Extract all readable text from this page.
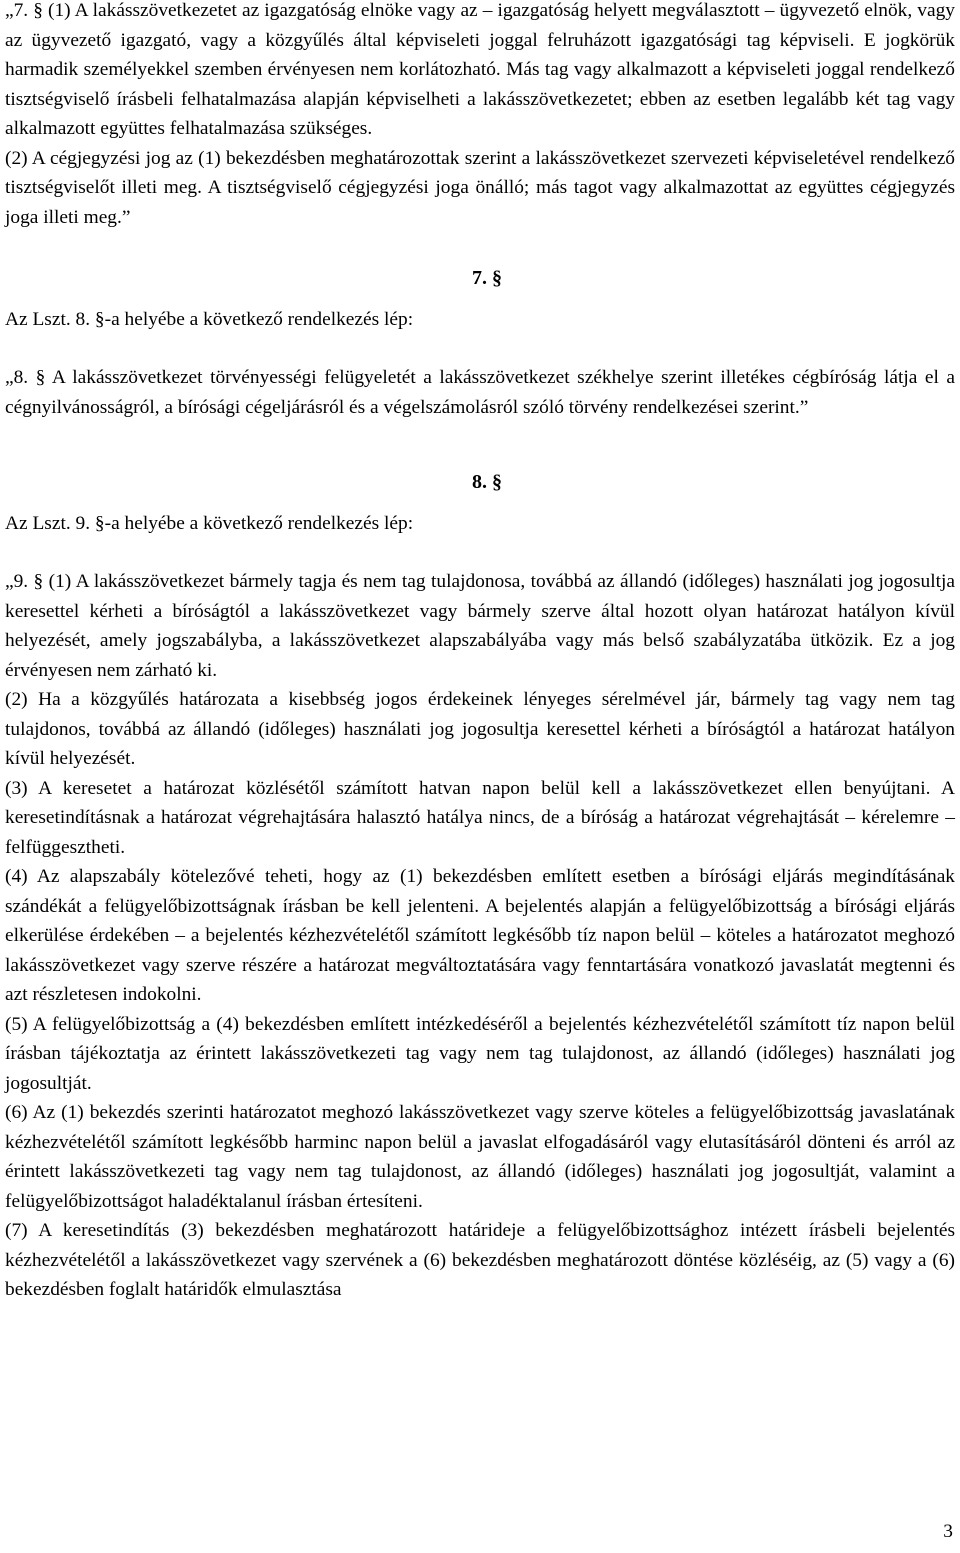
„7. § (1) A lakásszövetkezetet az igazgatóság elnöke vagy az – igazgatóság helyett megválasztott – ügyvezető elnök, vagy az ügyvezető igazgató, vagy a közgyűlés által képviseleti joggal felruházott igazgatósági tag képviseli. E jogkörük harmadik személyekkel szemben érvényesen nem korlátozható. Más tag vagy alkalmazott a képviseleti joggal rendelkező tisztségviselő írásbeli felhatalmazása alapján képviselheti a lakásszövetkezetet; ebben az esetben legalább két tag vagy alkalmazott együttes felhatalmazása szükséges.

(2) A cégjegyzési jog az (1) bekezdésben meghatározottak szerint a lakásszövetkezet szervezeti képviseletével rendelkező tisztségviselőt illeti meg. A tisztségviselő cégjegyzési joga önálló; más tagot vagy alkalmazottat az együttes cégjegyzés joga illeti meg.”

7. §
Az Lszt. 8. §-a helyébe a következő rendelkezés lép:

„8. § A lakásszövetkezet törvényességi felügyeletét a lakásszövetkezet székhelye szerint illetékes cégbíróság látja el a cégnyilvánosságról, a bírósági cégeljárásról és a végelszámolásról szóló törvény rendelkezései szerint.”

8. §
Az Lszt. 9. §-a helyébe a következő rendelkezés lép:

„9. § (1) A lakásszövetkezet bármely tagja és nem tag tulajdonosa, továbbá az állandó (időleges) használati jog jogosultja keresettel kérheti a bíróságtól a lakásszövetkezet vagy bármely szerve által hozott olyan határozat hatályon kívül helyezését, amely jogszabályba, a lakásszövetkezet alapszabályába vagy más belső szabályzatába ütközik. Ez a jog érvényesen nem zárható ki.

(2) Ha a közgyűlés határozata a kisebbség jogos érdekeinek lényeges sérelmével jár, bármely tag vagy nem tag tulajdonos, továbbá az állandó (időleges) használati jog jogosultja keresettel kérheti a bíróságtól a határozat hatályon kívül helyezését.

(3) A keresetet a határozat közlésétől számított hatvan napon belül kell a lakásszövetkezet ellen benyújtani. A keresetindításnak a határozat végrehajtására halasztó hatálya nincs, de a bíróság a határozat végrehajtását – kérelemre – felfüggesztheti.

(4) Az alapszabály kötelezővé teheti, hogy az (1) bekezdésben említett esetben a bírósági eljárás megindításának szándékát a felügyelőbizottságnak írásban be kell jelenteni. A bejelentés alapján a felügyelőbizottság a bírósági eljárás elkerülése érdekében – a bejelentés kézhezvételétől számított legkésőbb tíz napon belül – köteles a határozatot meghozó lakásszövetkezet vagy szerve részére a határozat megváltoztatására vagy fenntartására vonatkozó javaslatát megtenni és azt részletesen indokolni.

(5) A felügyelőbizottság a (4) bekezdésben említett intézkedéséről a bejelentés kézhezvételétől számított tíz napon belül írásban tájékoztatja az érintett lakásszövetkezeti tag vagy nem tag tulajdonost, az állandó (időleges) használati jog jogosultját.

(6) Az (1) bekezdés szerinti határozatot meghozó lakásszövetkezet vagy szerve köteles a felügyelőbizottság javaslatának kézhezvételétől számított legkésőbb harminc napon belül a javaslat elfogadásáról vagy elutasításáról dönteni és arról az érintett lakásszövetkezeti tag vagy nem tag tulajdonost, az állandó (időleges) használati jog jogosultját, valamint a felügyelőbizottságot haladéktalanul írásban értesíteni.

(7) A keresetindítás (3) bekezdésben meghatározott határideje a felügyelőbizottsághoz intézett írásbeli bejelentés kézhezvételétől a lakásszövetkezet vagy szervének a (6) bekezdésben meghatározott döntése közléséig, az (5) vagy a (6) bekezdésben foglalt határidők elmulasztása

3
